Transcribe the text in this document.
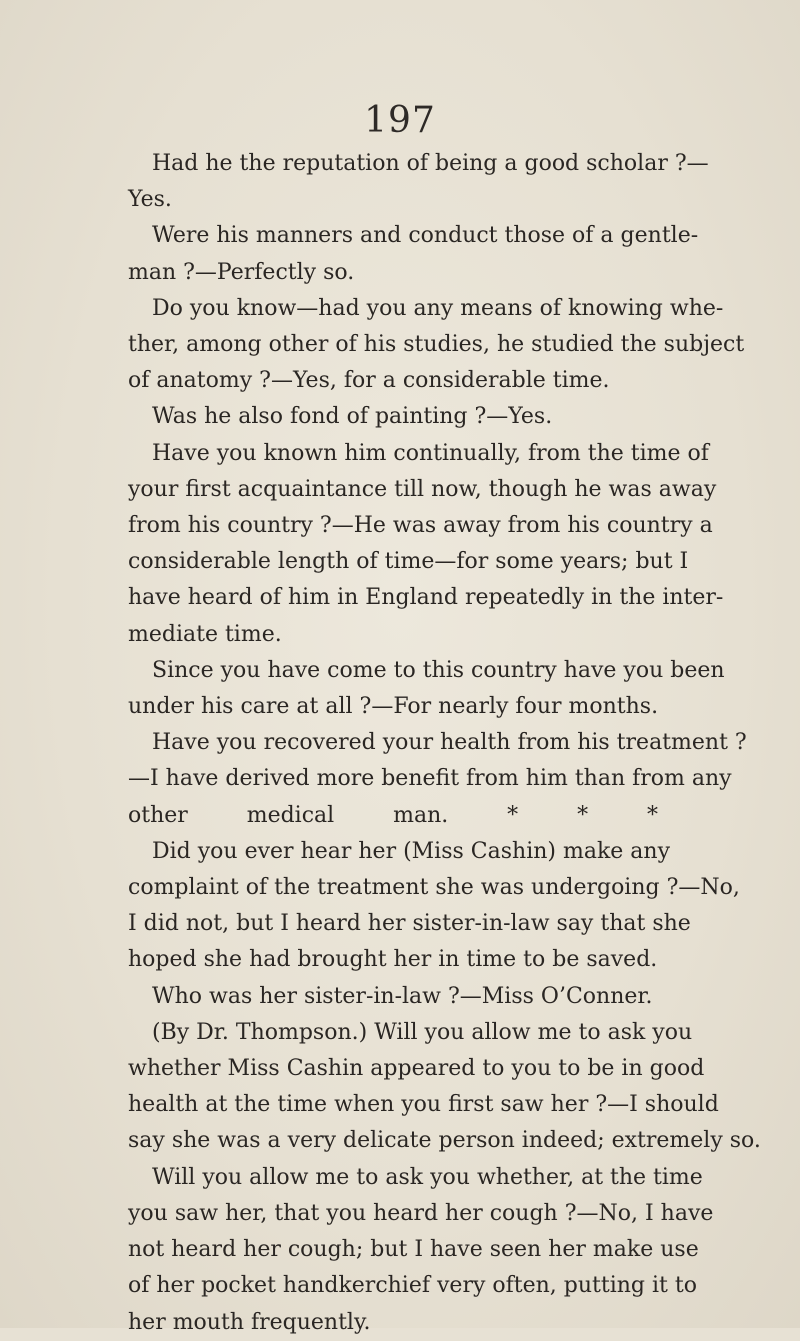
197
Had he the reputation of being a good scholar ?—
Yes.
Were his manners and conduct those of a gentle-
man ?—Perfectly so.
Do you know—had you any means of knowing whe-
ther, among other of his studies, he studied the subject
of anatomy ?—Yes, for a considerable time.
Was he also fond of painting ?—Yes.
Have you known him continually, from the time of
your first acquaintance till now, though he was away
from his country ?—He was away from his country a
considerable length of time—for some years; but I
have heard of him in England repeatedly in the inter-
mediate time.
Since you have come to this country have you been
under his care at all ?—For nearly four months.
Have you recovered your health from his treatment ?
—I have derived more benefit from him than from any
other medical man. * * *
Did you ever hear her (Miss Cashin) make any
complaint of the treatment she was undergoing ?—No,
I did not, but I heard her sister-in-law say that she
hoped she had brought her in time to be saved.
Who was her sister-in-law ?—Miss O’Conner.
(By Dr. Thompson.) Will you allow me to ask you
whether Miss Cashin appeared to you to be in good
health at the time when you first saw her ?—I should
say she was a very delicate person indeed; extremely so.
Will you allow me to ask you whether, at the time
you saw her, that you heard her cough ?—No, I have
not heard her cough; but I have seen her make use
of her pocket handkerchief very often, putting it to
her mouth frequently.
